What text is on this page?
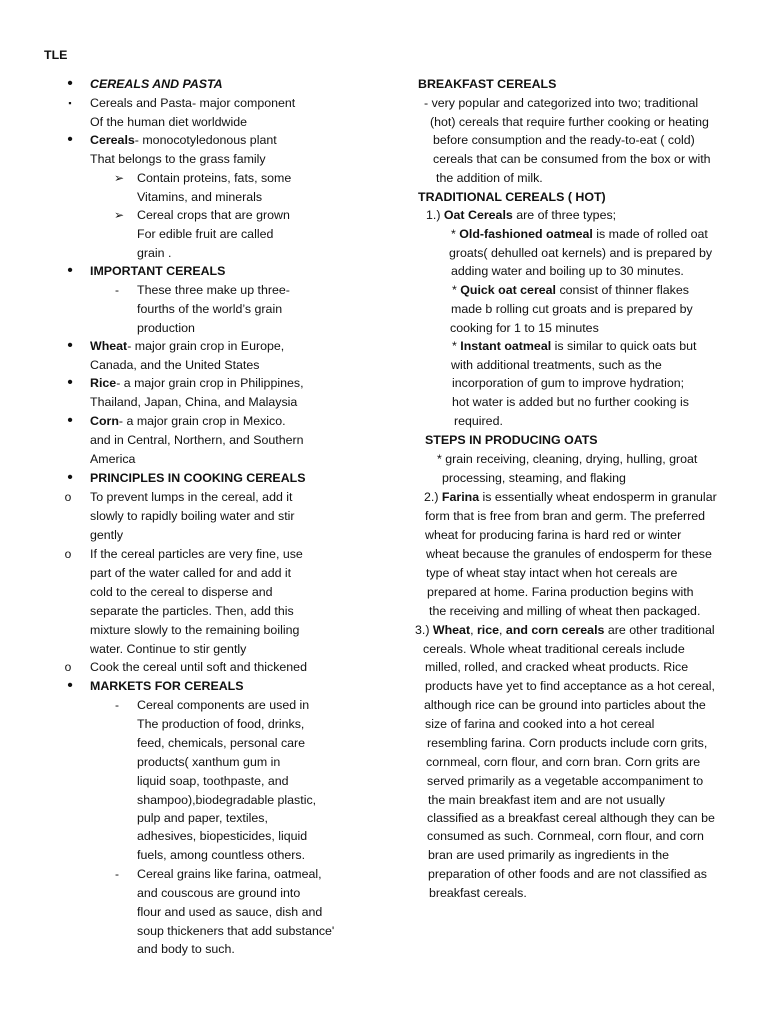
TLE
•	CEREALS AND PASTA
▪	Cereals and Pasta- major component
Of the human diet worldwide
•	Cereals- monocotyledonous plant
That belongs to the grass family
➢ Contain proteins, fats, some
Vitamins, and minerals
➢ Cereal crops that are grown
For edible fruit are called
grain .
•	IMPORTANT CEREALS
-	These three make up three-
fourths of the world’s grain
production
•	Wheat- major grain crop in Europe,
Canada, and the United States
•	Rice- a major grain crop in Philippines,
Thailand, Japan, China, and Malaysia
•	Corn- a major grain crop in Mexico.
and in Central, Northern, and Southern
America
•	PRINCIPLES IN COOKING CEREALS
o To prevent lumps in the cereal, add it
slowly to rapidly boiling water and stir
gently
o If the cereal particles are very fine, use
part of the water called for and add it
cold to the cereal to disperse and
separate the particles. Then, add this
mixture slowly to the remaining boiling
water. Continue to stir gently
o Cook the cereal until soft and thickened
•	MARKETS FOR CEREALS
-	Cereal components are used in
The production of food, drinks,
feed, chemicals, personal care
products( xanthum gum in
liquid soap, toothpaste, and
shampoo),biodegradable plastic,
pulp and paper, textiles,
adhesives, biopesticides, liquid
fuels, among countless others.
-	Cereal grains like farina, oatmeal,
and couscous are ground into
flour and used as sauce, dish and
soup thickeners that add substance'
and body to such.
BREAKFAST CEREALS
- very popular and categorized into two; traditional
(hot) cereals that require further cooking or heating
before consumption and the ready-to-eat ( cold)
cereals that can be consumed from the box or with
the addition of milk.
TRADITIONAL CEREALS ( HOT)
1.) Oat Cereals are of three types;
* Old-fashioned oatmeal is made of rolled oat
groats( dehulled oat kernels) and is prepared by
adding water and boiling up to 30 minutes.
* Quick oat cereal consist of thinner flakes
made b rolling cut groats and is prepared by
cooking for 1 to 15 minutes
* Instant oatmeal is similar to quick oats but
with additional treatments, such as the
incorporation of gum to improve hydration;
hot water is added but no further cooking is
required.
STEPS IN PRODUCING OATS
* grain receiving, cleaning, drying, hulling, groat
processing, steaming, and flaking
2.) Farina is essentially wheat endosperm in granular
form that is free from bran and germ. The preferred
wheat for producing farina is hard red or winter
wheat because the granules of endosperm for these
type of wheat stay intact when hot cereals are
prepared at home. Farina production begins with
the receiving and milling of wheat then packaged.
3.) Wheat, rice, and corn cereals are other traditional
cereals. Whole wheat traditional cereals include
milled, rolled, and cracked wheat products. Rice
products have yet to find acceptance as a hot cereal,
although rice can be ground into particles about the
size of farina and cooked into a hot cereal
resembling farina. Corn products include corn grits,
cornmeal, corn flour, and corn bran. Corn grits are
served primarily as a vegetable accompaniment to
the main breakfast item and are not usually
classified as a breakfast cereal although they can be
consumed as such. Cornmeal, corn flour, and corn
bran are used primarily as ingredients in the
preparation of other foods and are not classified as
breakfast cereals.
